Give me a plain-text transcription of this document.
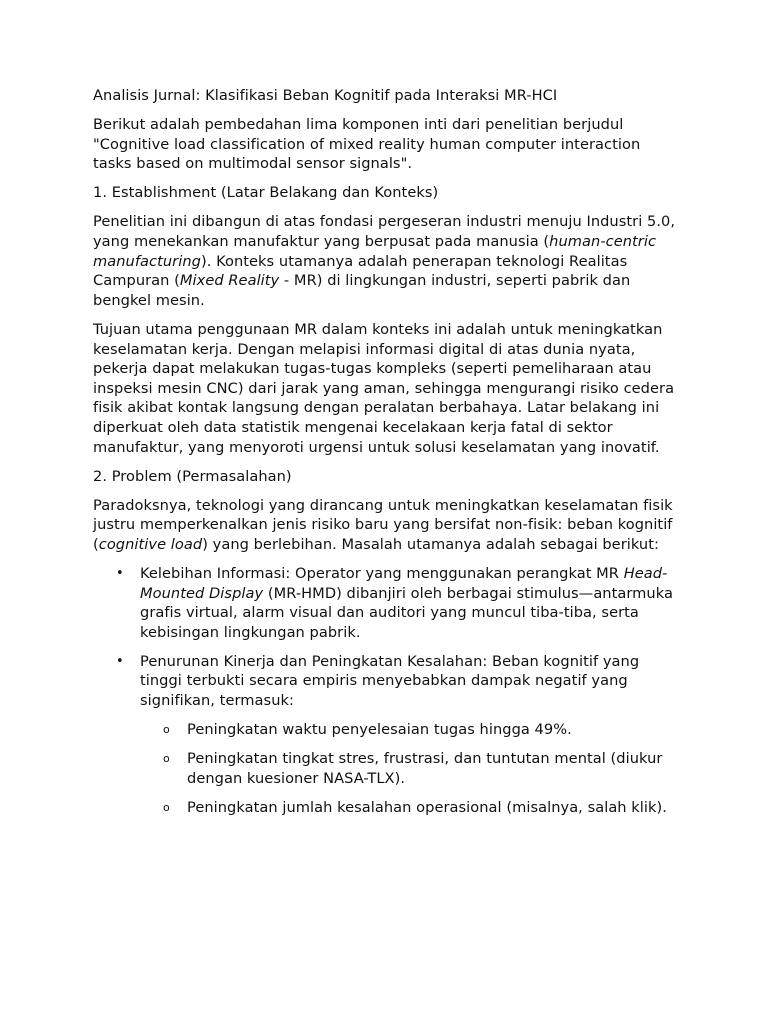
Analisis Jurnal: Klasifikasi Beban Kognitif pada Interaksi MR-HCI

Berikut adalah pembedahan lima komponen inti dari penelitian berjudul "Cognitive load classification of mixed reality human computer interaction tasks based on multimodal sensor signals".

1. Establishment (Latar Belakang dan Konteks)

Penelitian ini dibangun di atas fondasi pergeseran industri menuju Industri 5.0, yang menekankan manufaktur yang berpusat pada manusia (human-centric manufacturing). Konteks utamanya adalah penerapan teknologi Realitas Campuran (Mixed Reality - MR) di lingkungan industri, seperti pabrik dan bengkel mesin.

Tujuan utama penggunaan MR dalam konteks ini adalah untuk meningkatkan keselamatan kerja. Dengan melapisi informasi digital di atas dunia nyata, pekerja dapat melakukan tugas-tugas kompleks (seperti pemeliharaan atau inspeksi mesin CNC) dari jarak yang aman, sehingga mengurangi risiko cedera fisik akibat kontak langsung dengan peralatan berbahaya. Latar belakang ini diperkuat oleh data statistik mengenai kecelakaan kerja fatal di sektor manufaktur, yang menyoroti urgensi untuk solusi keselamatan yang inovatif.

2. Problem (Permasalahan)

Paradoksnya, teknologi yang dirancang untuk meningkatkan keselamatan fisik justru memperkenalkan jenis risiko baru yang bersifat non-fisik: beban kognitif (cognitive load) yang berlebihan. Masalah utamanya adalah sebagai berikut:

• Kelebihan Informasi: Operator yang menggunakan perangkat MR Head-Mounted Display (MR-HMD) dibanjiri oleh berbagai stimulus—antarmuka grafis virtual, alarm visual dan auditori yang muncul tiba-tiba, serta kebisingan lingkungan pabrik.
• Penurunan Kinerja dan Peningkatan Kesalahan: Beban kognitif yang tinggi terbukti secara empiris menyebabkan dampak negatif yang signifikan, termasuk:
o Peningkatan waktu penyelesaian tugas hingga 49%.
o Peningkatan tingkat stres, frustrasi, dan tuntutan mental (diukur dengan kuesioner NASA-TLX).
o Peningkatan jumlah kesalahan operasional (misalnya, salah klik).
